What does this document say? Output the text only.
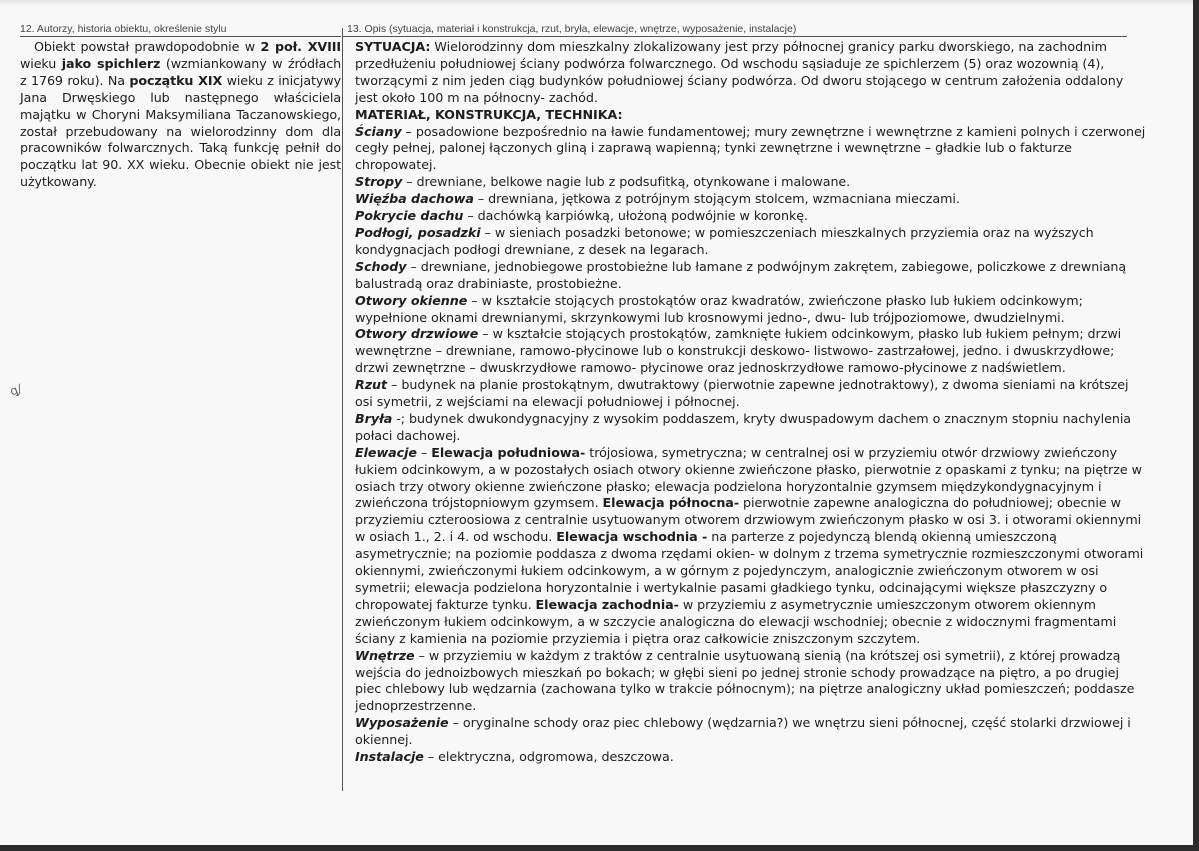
12. Autorzy, historia obiektu, określenie stylu
Obiekt powstał prawdopodobnie w 2 poł. XVIII wieku jako spichlerz (wzmiankowany w źródłach z 1769 roku). Na początku XIX wieku z inicjatywy Jana Drwęskiego lub następnego właściciela majątku w Choryni Maksymiliana Taczanowskiego, został przebudowany na wielorodzinny dom dla pracowników folwarcznych. Taką funkcję pełnił do początku lat 90. XX wieku. Obecnie obiekt nie jest użytkowany.
ꝗ/
13. Opis (sytuacja, materiał i konstrukcja, rzut, bryła, elewacje, wnętrze, wyposażenie, instalacje)

SYTUACJA: Wielorodzinny dom mieszkalny zlokalizowany jest przy północnej granicy parku dworskiego, na zachodnim przedłużeniu południowej ściany podwórza folwarcznego. Od wschodu sąsiaduje ze spichlerzem (5) oraz wozownią (4), tworzącymi z nim jeden ciąg budynków południowej ściany podwórza. Od dworu stojącego w centrum założenia oddalony jest około 100 m na północny- zachód.

MATERIAŁ, KONSTRUKCJA, TECHNIKA:

Ściany – posadowione bezpośrednio na ławie fundamentowej; mury zewnętrzne i wewnętrzne z kamieni polnych i czerwonej cegły pełnej, palonej łączonych gliną i zaprawą wapienną; tynki zewnętrzne i wewnętrzne – gładkie lub o fakturze chropowatej.

Stropy – drewniane, belkowe nagie lub z podsufitką, otynkowane i malowane.

Więźba dachowa – drewniana, jętkowa z potrójnym stojącym stolcem, wzmacniana mieczami.

Pokrycie dachu – dachówką karpiówką, ułożoną podwójnie w koronkę.

Podłogi, posadzki – w sieniach posadzki betonowe; w pomieszczeniach mieszkalnych przyziemia oraz na wyższych kondygnacjach podłogi drewniane, z desek na legarach.

Schody – drewniane, jednobiegowe prostobieżne lub łamane z podwójnym zakrętem, zabiegowe, policzkowe z drewnianą balustradą oraz drabiniaste, prostobieżne.

Otwory okienne – w kształcie stojących prostokątów oraz kwadratów, zwieńczone płasko lub łukiem odcinkowym; wypełnione oknami drewnianymi, skrzynkowymi lub krosnowymi jedno-, dwu- lub trójpoziomowe, dwudzielnymi.

Otwory drzwiowe – w kształcie stojących prostokątów, zamknięte łukiem odcinkowym, płasko lub łukiem pełnym; drzwi wewnętrzne – drewniane, ramowo-płycinowe lub o konstrukcji deskowo- listwowo- zastrzałowej, jedno. i dwuskrzydłowe; drzwi zewnętrzne – dwuskrzydłowe ramowo- płycinowe oraz jednoskrzydłowe ramowo-płycinowe z nadświetlem.

Rzut – budynek na planie prostokątnym, dwutraktowy (pierwotnie zapewne jednotraktowy), z dwoma sieniami na krótszej osi symetrii, z wejściami na elewacji południowej i północnej.

Bryła -; budynek dwukondygnacyjny z wysokim poddaszem, kryty dwuspadowym dachem o znacznym stopniu nachylenia połaci dachowej.

Elewacje – Elewacja południowa- trójosiowa, symetryczna; w centralnej osi w przyziemiu otwór drzwiowy zwieńczony łukiem odcinkowym, a w pozostałych osiach otwory okienne zwieńczone płasko, pierwotnie z opaskami z tynku; na piętrze w osiach trzy otwory okienne zwieńczone płasko; elewacja podzielona horyzontalnie gzymsem międzykondygnacyjnym i zwieńczona trójstopniowym gzymsem. Elewacja północna- pierwotnie zapewne analogiczna do południowej; obecnie w przyziemiu czteroosiowa z centralnie usytuowanym otworem drzwiowym zwieńczonym płasko w osi 3. i otworami okiennymi w osiach 1., 2. i 4. od wschodu. Elewacja wschodnia - na parterze z pojedynczą blendą okienną umieszczoną asymetrycznie; na poziomie poddasza z dwoma rzędami okien- w dolnym z trzema symetrycznie rozmieszczonymi otworami okiennymi, zwieńczonymi łukiem odcinkowym, a w górnym z pojedynczym, analogicznie zwieńczonym otworem w osi symetrii; elewacja podzielona horyzontalnie i wertykalnie pasami gładkiego tynku, odcinającymi większe płaszczyzny o chropowatej fakturze tynku. Elewacja zachodnia- w przyziemiu z asymetrycznie umieszczonym otworem okiennym zwieńczonym łukiem odcinkowym, a w szczycie analogiczna do elewacji wschodniej; obecnie z widocznymi fragmentami ściany z kamienia na poziomie przyziemia i piętra oraz całkowicie zniszczonym szczytem.

Wnętrze – w przyziemiu w każdym z traktów z centralnie usytuowaną sienią (na krótszej osi symetrii), z której prowadzą wejścia do jednoizbowych mieszkań po bokach; w głębi sieni po jednej stronie schody prowadzące na piętro, a po drugiej piec chlebowy lub wędzarnia (zachowana tylko w trakcie północnym); na piętrze analogiczny układ pomieszczeń; poddasze jednoprzestrzenne.

Wyposażenie – oryginalne schody oraz piec chlebowy (wędzarnia?) we wnętrzu sieni północnej, część stolarki drzwiowej i okiennej.

Instalacje – elektryczna, odgromowa, deszczowa.
